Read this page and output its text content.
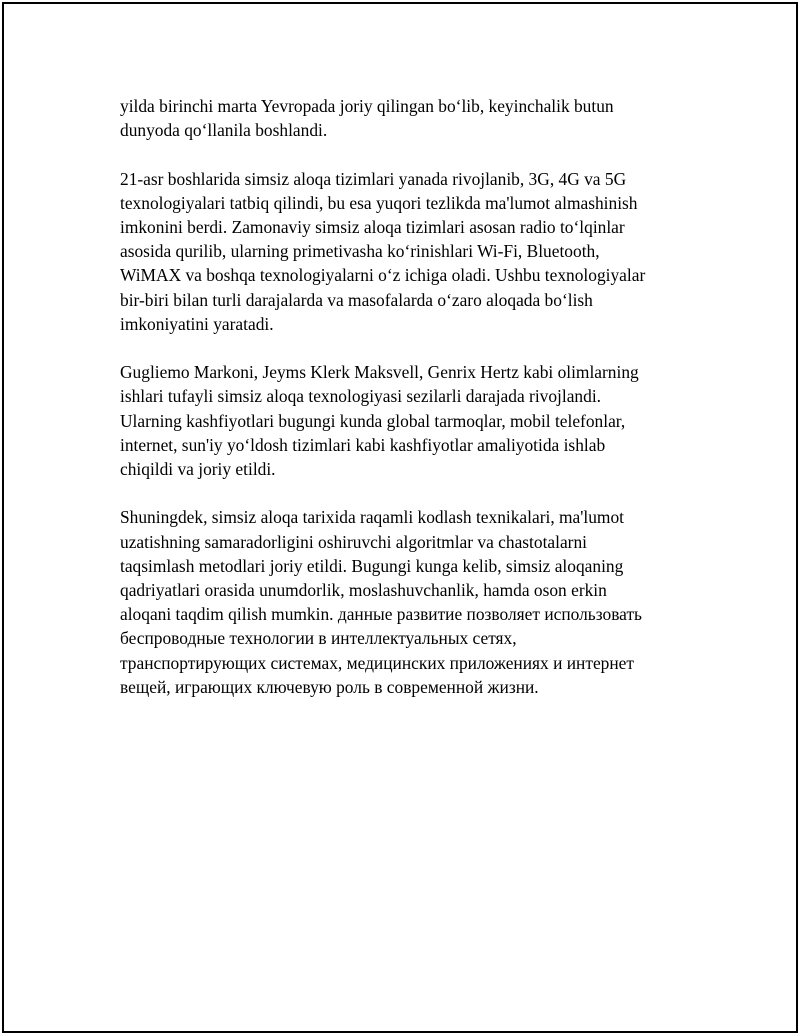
yilda birinchi marta Yevropada joriy qilingan bo‘lib, keyinchalik butun
dunyoda qo‘llanila boshlandi.

21-asr boshlarida simsiz aloqa tizimlari yanada rivojlanib, 3G, 4G va 5G
texnologiyalari tatbiq qilindi, bu esa yuqori tezlikda ma'lumot almashinish
imkonini berdi. Zamonaviy simsiz aloqa tizimlari asosan radio to‘lqinlar
asosida qurilib, ularning primetivasha ko‘rinishlari Wi-Fi, Bluetooth,
WiMAX va boshqa texnologiyalarni o‘z ichiga oladi. Ushbu texnologiyalar
bir-biri bilan turli darajalarda va masofalarda o‘zaro aloqada bo‘lish
imkoniyatini yaratadi.

Gugliemo Markoni, Jeyms Klerk Maksvell, Genrix Hertz kabi olimlarning
ishlari tufayli simsiz aloqa texnologiyasi sezilarli darajada rivojlandi.
Ularning kashfiyotlari bugungi kunda global tarmoqlar, mobil telefonlar,
internet, sun'iy yo‘ldosh tizimlari kabi kashfiyotlar amaliyotida ishlab
chiqildi va joriy etildi.

Shuningdek, simsiz aloqa tarixida raqamli kodlash texnikalari, ma'lumot
uzatishning samaradorligini oshiruvchi algoritmlar va chastotalarni
taqsimlash metodlari joriy etildi. Bugungi kunga kelib, simsiz aloqaning
qadriyatlari orasida unumdorlik, moslashuvchanlik, hamda oson erkin
aloqani taqdim qilish mumkin. данные развитие позволяет использовать
беспроводные технологии в интеллектуальных сетях,
транспортирующих системах, медицинских приложениях и интернет
вещей, играющих ключевую роль в современной жизни.
